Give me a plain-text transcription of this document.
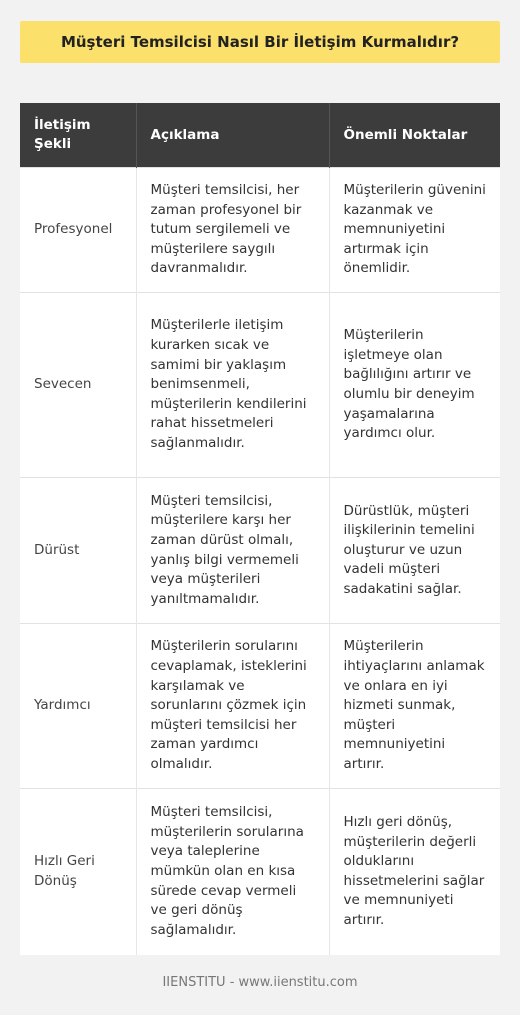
Müşteri Temsilcisi Nasıl Bir İletişim Kurmalıdır?
İletişim Şekli	Açıklama	Önemli Noktalar
Profesyonel	Müşteri temsilcisi, her zaman profesyonel bir tutum sergilemeli ve müşterilere saygılı davranmalıdır.	Müşterilerin güvenini kazanmak ve memnuniyetini artırmak için önemlidir.
Sevecen	Müşterilerle iletişim kurarken sıcak ve samimi bir yaklaşım benimsenmeli, müşterilerin kendilerini rahat hissetmeleri sağlanmalıdır.	Müşterilerin işletmeye olan bağlılığını artırır ve olumlu bir deneyim yaşamalarına yardımcı olur.
Dürüst	Müşteri temsilcisi, müşterilere karşı her zaman dürüst olmalı, yanlış bilgi vermemeli veya müşterileri yanıltmamalıdır.	Dürüstlük, müşteri ilişkilerinin temelini oluşturur ve uzun vadeli müşteri sadakatini sağlar.
Yardımcı	Müşterilerin sorularını cevaplamak, isteklerini karşılamak ve sorunlarını çözmek için müşteri temsilcisi her zaman yardımcı olmalıdır.	Müşterilerin ihtiyaçlarını anlamak ve onlara en iyi hizmeti sunmak, müşteri memnuniyetini artırır.
Hızlı Geri Dönüş	Müşteri temsilcisi, müşterilerin sorularına veya taleplerine mümkün olan en kısa sürede cevap vermeli ve geri dönüş sağlamalıdır.	Hızlı geri dönüş, müşterilerin değerli olduklarını hissetmelerini sağlar ve memnuniyeti artırır.
IIENSTITU - www.iienstitu.com
